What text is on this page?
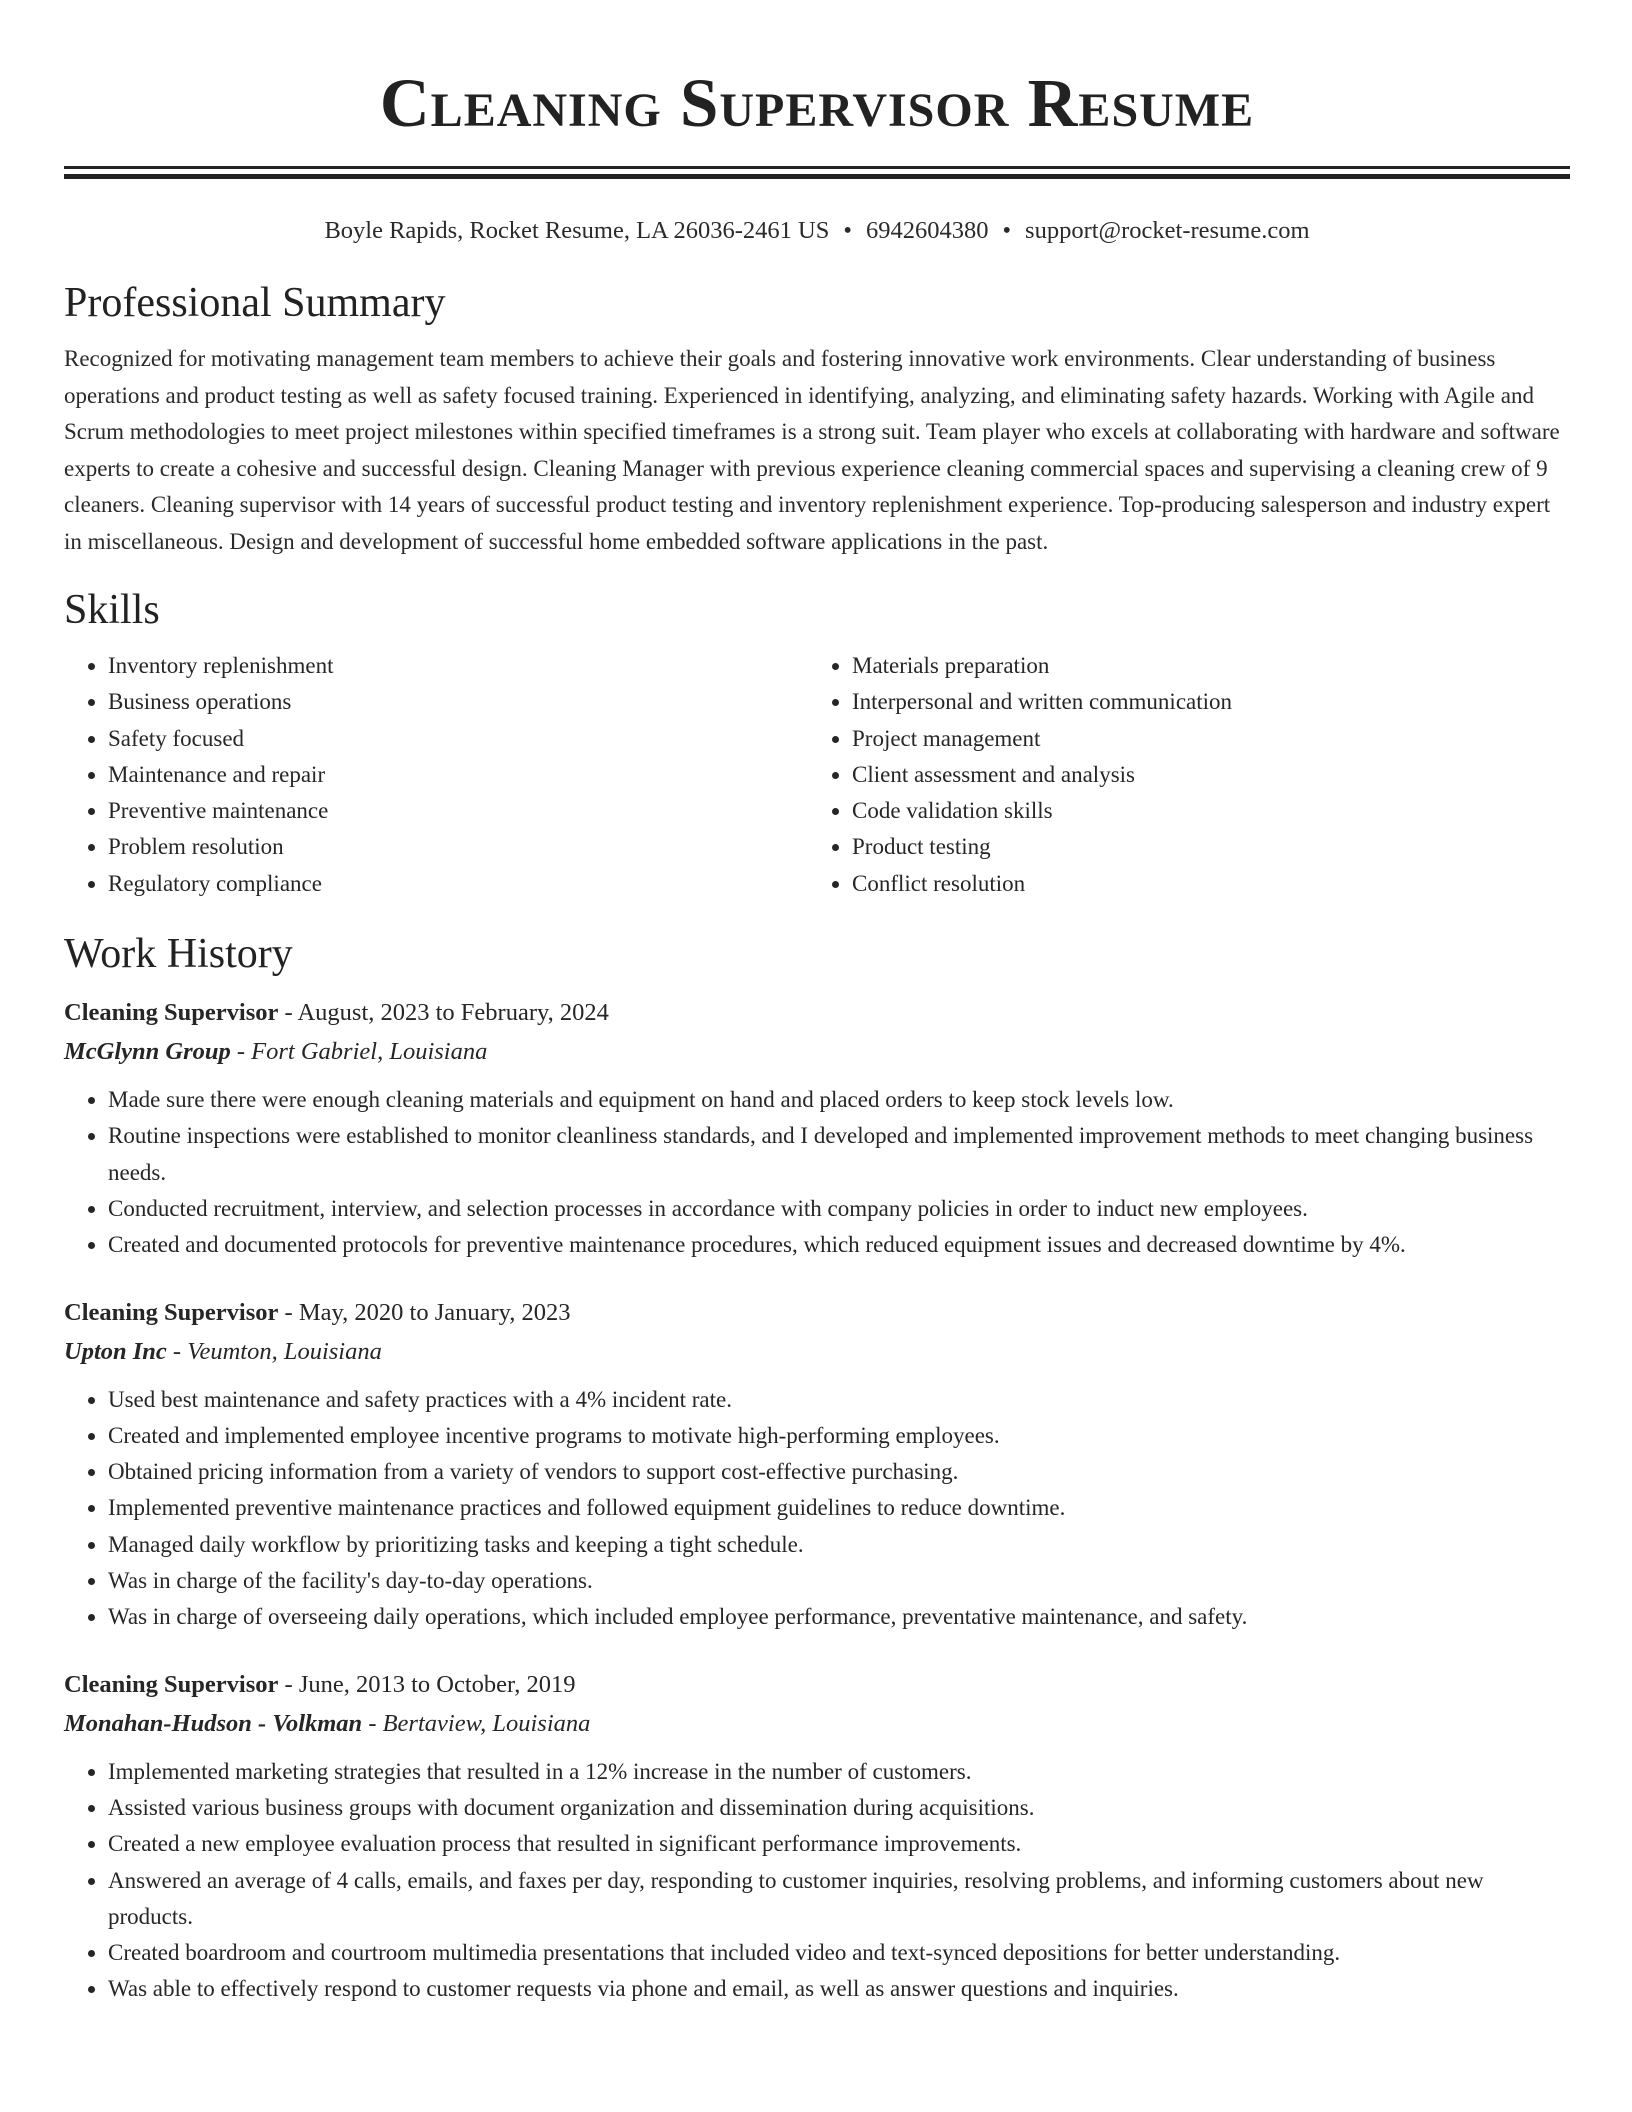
Cleaning Supervisor Resume
Boyle Rapids, Rocket Resume, LA 26036-2461 US • 6942604380 • support@rocket-resume.com
Professional Summary

Recognized for motivating management team members to achieve their goals and fostering innovative work environments. Clear understanding of business operations and product testing as well as safety focused training. Experienced in identifying, analyzing, and eliminating safety hazards. Working with Agile and Scrum methodologies to meet project milestones within specified timeframes is a strong suit. Team player who excels at collaborating with hardware and software experts to create a cohesive and successful design. Cleaning Manager with previous experience cleaning commercial spaces and supervising a cleaning crew of 9 cleaners. Cleaning supervisor with 14 years of successful product testing and inventory replenishment experience. Top-producing salesperson and industry expert in miscellaneous. Design and development of successful home embedded software applications in the past.

Skills
• Inventory replenishment
• Business operations
• Safety focused
• Maintenance and repair
• Preventive maintenance
• Problem resolution
• Regulatory compliance
• Materials preparation
• Interpersonal and written communication
• Project management
• Client assessment and analysis
• Code validation skills
• Product testing
• Conflict resolution
Work History
Cleaning Supervisor - August, 2023 to February, 2024
McGlynn Group - Fort Gabriel, Louisiana
• Made sure there were enough cleaning materials and equipment on hand and placed orders to keep stock levels low.
• Routine inspections were established to monitor cleanliness standards, and I developed and implemented improvement methods to meet changing business needs.
• Conducted recruitment, interview, and selection processes in accordance with company policies in order to induct new employees.
• Created and documented protocols for preventive maintenance procedures, which reduced equipment issues and decreased downtime by 4%.
Cleaning Supervisor - May, 2020 to January, 2023
Upton Inc - Veumton, Louisiana
• Used best maintenance and safety practices with a 4% incident rate.
• Created and implemented employee incentive programs to motivate high-performing employees.
• Obtained pricing information from a variety of vendors to support cost-effective purchasing.
• Implemented preventive maintenance practices and followed equipment guidelines to reduce downtime.
• Managed daily workflow by prioritizing tasks and keeping a tight schedule.
• Was in charge of the facility's day-to-day operations.
• Was in charge of overseeing daily operations, which included employee performance, preventative maintenance, and safety.
Cleaning Supervisor - June, 2013 to October, 2019
Monahan-Hudson - Volkman - Bertaview, Louisiana
• Implemented marketing strategies that resulted in a 12% increase in the number of customers.
• Assisted various business groups with document organization and dissemination during acquisitions.
• Created a new employee evaluation process that resulted in significant performance improvements.
• Answered an average of 4 calls, emails, and faxes per day, responding to customer inquiries, resolving problems, and informing customers about new products.
• Created boardroom and courtroom multimedia presentations that included video and text-synced depositions for better understanding.
• Was able to effectively respond to customer requests via phone and email, as well as answer questions and inquiries.
